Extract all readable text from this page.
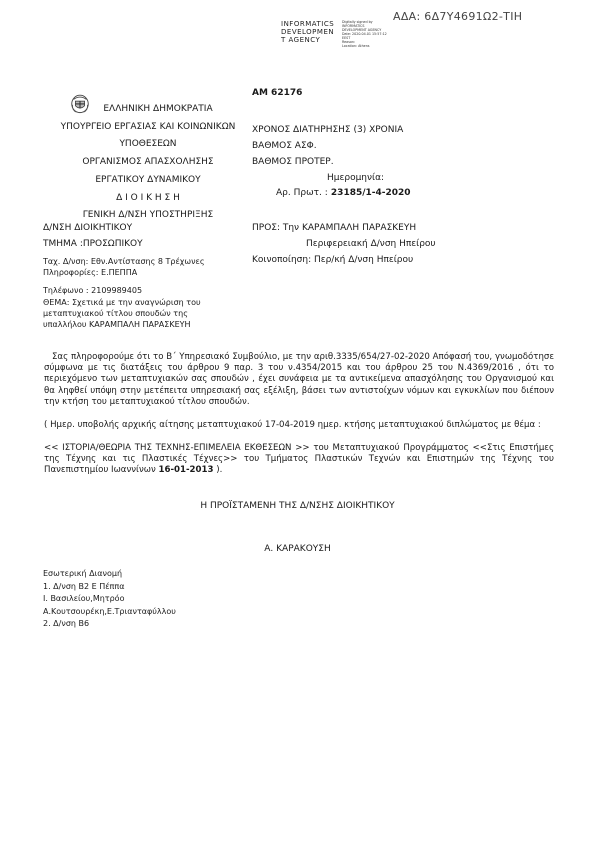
ΑΔΑ: 6Δ7Υ4691Ω2-ΤΙΗ
INFORMATICS
DEVELOPMEN
T AGENCY
Digitally signed by
INFORMATICS
DEVELOPMENT AGENCY
Date: 2020.04.01 15:57:12
EEST
Reason:
Location: Athens
ΕΛΛΗΝΙΚΗ ΔΗΜΟΚΡΑΤΙΑ
ΥΠΟΥΡΓΕΙΟ ΕΡΓΑΣΙΑΣ ΚΑΙ ΚΟΙΝΩΝΙΚΩΝ
ΥΠΟΘΕΣΕΩΝ
ΟΡΓΑΝΙΣΜΟΣ ΑΠΑΣΧΟΛΗΣΗΣ
ΕΡΓΑΤΙΚΟΥ ΔΥΝΑΜΙΚΟΥ
Δ Ι Ο Ι Κ Η Σ Η
ΓΕΝΙΚΗ Δ/ΝΣΗ ΥΠΟΣΤΗΡΙΞΗΣ
Δ/ΝΣΗ ΔΙΟΙΚΗΤΙΚΟΥ
ΤΜΗΜΑ :ΠΡΟΣΩΠΙΚΟΥ
ΑΜ 62176
ΧΡΟΝΟΣ ΔΙΑΤΗΡΗΣΗΣ (3) ΧΡΟΝΙΑ
ΒΑΘΜΟΣ ΑΣΦ.
ΒΑΘΜΟΣ ΠΡΟΤΕΡ.
Ημερομηνία:
Αρ. Πρωτ. : 23185/1-4-2020
ΠΡΟΣ: Την ΚΑΡΑΜΠΑΛΗ ΠΑΡΑΣΚΕΥΗ
Περιφερειακή Δ/νση Ηπείρου
Κοινοποίηση: Περ/κή Δ/νση Ηπείρου
Ταχ. Δ/νση: Εθν.Αντίστασης 8 Τρέχωνες
Πληροφορίες: Ε.ΠΕΠΠΑ
Τηλέφωνο : 2109989405
ΘΕΜΑ: Σχετικά με την αναγνώριση του
μεταπτυχιακού τίτλου σπουδών της
υπαλλήλου ΚΑΡΑΜΠΑΛΗ ΠΑΡΑΣΚΕΥΗ
Σας πληροφορούμε ότι το Β΄ Υπηρεσιακό Συμβούλιο, με την αριθ.3335/654/27-02-2020 Απόφασή του, γνωμοδότησε σύμφωνα με τις διατάξεις του άρθρου 9 παρ. 3 του ν.4354/2015 και του άρθρου 25 του Ν.4369/2016 , ότι το περιεχόμενο των μεταπτυχιακών σας σπουδών , έχει συνάφεια με τα αντικείμενα απασχόλησης του Οργανισμού και θα ληφθεί υπόψη στην μετέπειτα υπηρεσιακή σας εξέλιξη, βάσει των αντιστοίχων νόμων και εγκυκλίων που διέπουν την κτήση του μεταπτυχιακού τίτλου σπουδών.
( Ημερ. υποβολής αρχικής αίτησης μεταπτυχιακού 17-04-2019 ημερ. κτήσης μεταπτυχιακού διπλώματος με θέμα :
<< ΙΣΤΟΡΙΑ/ΘΕΩΡΙΑ ΤΗΣ ΤΕΧΝΗΣ-ΕΠΙΜΕΛΕΙΑ ΕΚΘΕΣΕΩΝ >> του Μεταπτυχιακού Προγράμματος <<Στις Επιστήμες της Τέχνης και τις Πλαστικές Τέχνες>> του Τμήματος Πλαστικών Τεχνών και Επιστημών της Τέχνης του Πανεπιστημίου Ιωαννίνων 16-01-2013 ).
Η ΠΡΟΪΣΤΑΜΕΝΗ ΤΗΣ Δ/ΝΣΗΣ ΔΙΟΙΚΗΤΙΚΟΥ
Α. ΚΑΡΑΚΟΥΣΗ
Εσωτερική Διανομή
1. Δ/νση Β2 Ε Πέππα
Ι. Βασιλείου,Μητρόο
Α.Κουτσουρέκη,Ε.Τριανταφύλλου
2. Δ/νση Β6
